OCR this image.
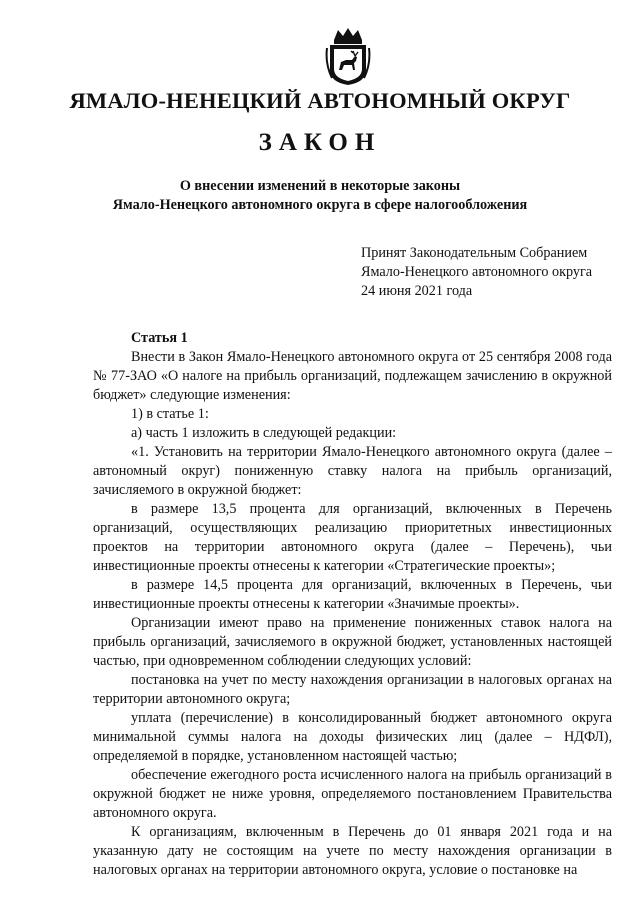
ЯМАЛО-НЕНЕЦКИЙ АВТОНОМНЫЙ ОКРУГ
ЗАКОН
О внесении изменений в некоторые законы
Ямало-Ненецкого автономного округа в сфере налогообложения
Принят Законодательным Собранием
Ямало-Ненецкого автономного округа
24 июня 2021 года

Статья 1

Внести в Закон Ямало-Ненецкого автономного округа от 25 сентября 2008 года № 77-ЗАО «О налоге на прибыль организаций, подлежащем зачислению в окружной бюджет» следующие изменения:

1) в статье 1:

а) часть 1 изложить в следующей редакции:

«1. Установить на территории Ямало-Ненецкого автономного округа (далее – автономный округ) пониженную ставку налога на прибыль организаций, зачисляемого в окружной бюджет:

в размере 13,5 процента для организаций, включенных в Перечень организаций, осуществляющих реализацию приоритетных инвестиционных проектов на территории автономного округа (далее – Перечень), чьи инвестиционные проекты отнесены к категории «Стратегические проекты»;

в размере 14,5 процента для организаций, включенных в Перечень, чьи инвестиционные проекты отнесены к категории «Значимые проекты».

Организации имеют право на применение пониженных ставок налога на прибыль организаций, зачисляемого в окружной бюджет, установленных настоящей частью, при одновременном соблюдении следующих условий:

постановка на учет по месту нахождения организации в налоговых органах на территории автономного округа;

уплата (перечисление) в консолидированный бюджет автономного округа минимальной суммы налога на доходы физических лиц (далее – НДФЛ), определяемой в порядке, установленном настоящей частью;

обеспечение ежегодного роста исчисленного налога на прибыль организаций в окружной бюджет не ниже уровня, определяемого постановлением Правительства автономного округа.

К организациям, включенным в Перечень до 01 января 2021 года и на указанную дату не состоящим на учете по месту нахождения организации в налоговых органах на территории автономного округа, условие о постановке на
